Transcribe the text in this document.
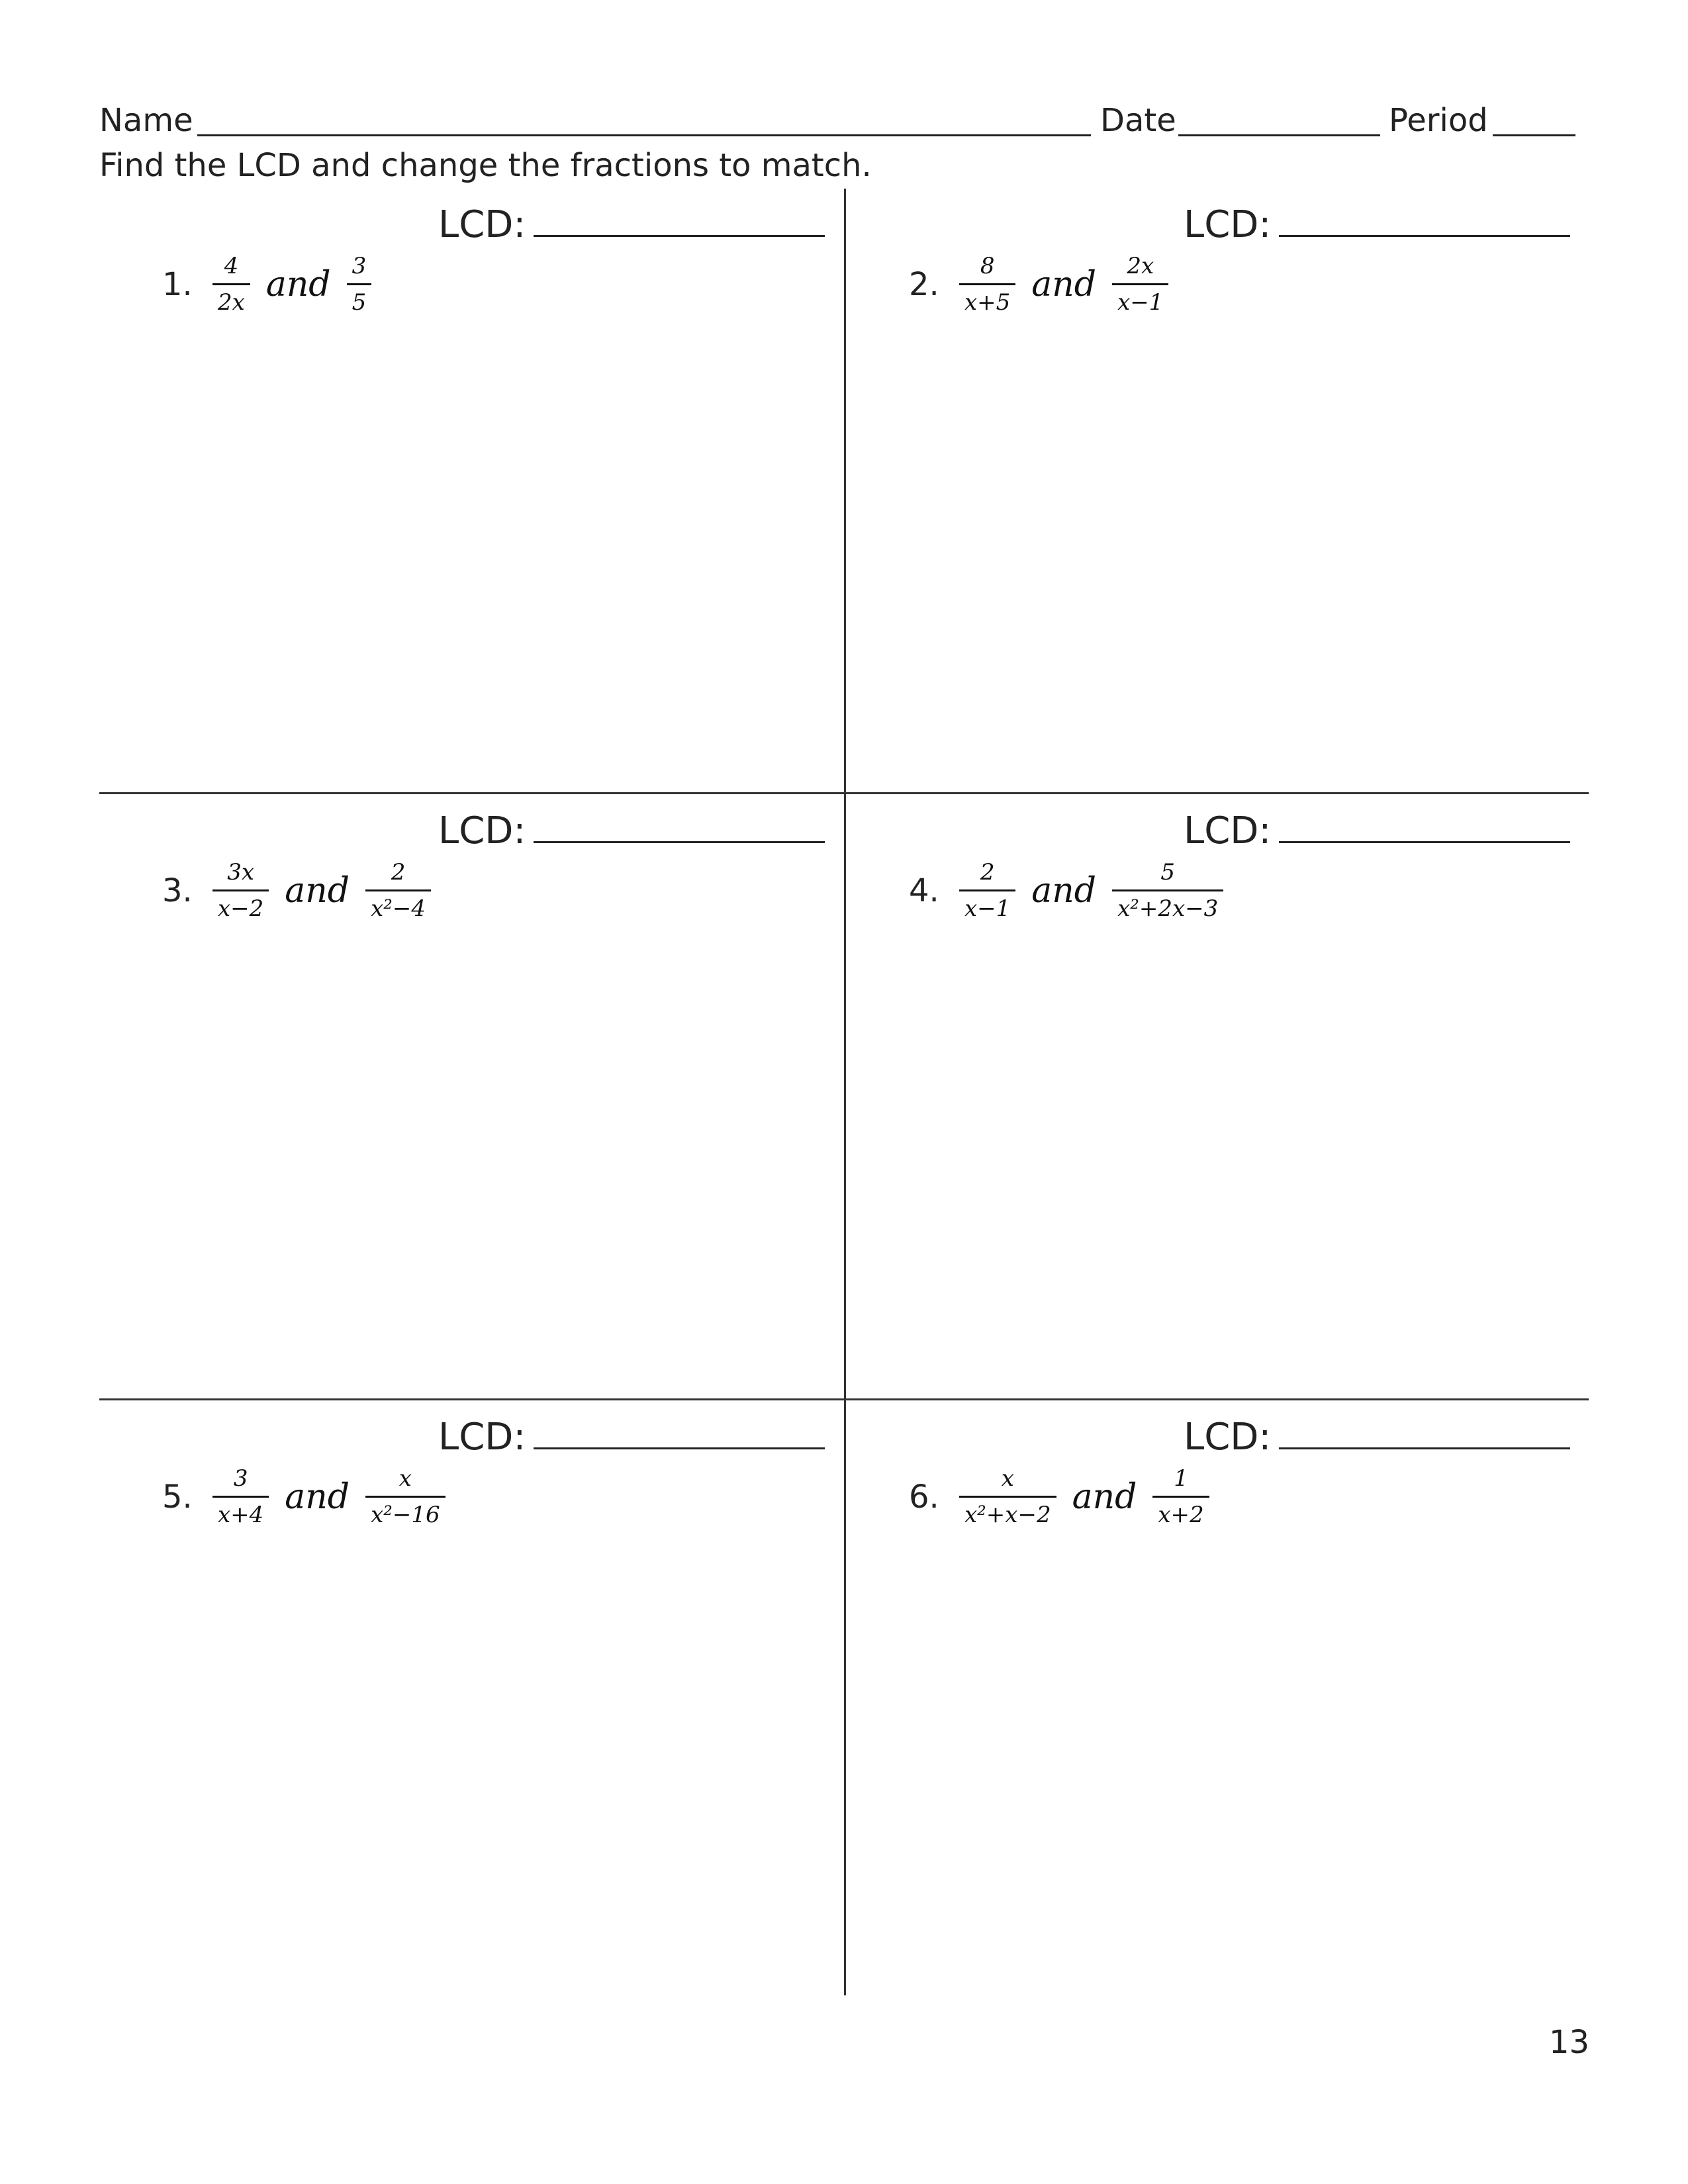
Name	Date	Period
Find the LCD and change the fractions to match.
LCD:
1. $\frac{4}{2x}$ and $\frac{3}{5}$
LCD:
2. $\frac{8}{x+5}$ and $\frac{2x}{x-1}$
LCD:
3. $\frac{3x}{x-2}$ and $\frac{2}{\text{x²−4}}$
LCD:
4. $\frac{2}{x-1}$ and $\frac{5}{\text{x²+2x−3}}$
LCD:
5. $\frac{3}{x+4}$ and $\frac{x}{\text{x²−16}}$
LCD:
6. $\frac{x}{\text{x²+x−2}}$ and $\frac{1}{x+2}$
13
